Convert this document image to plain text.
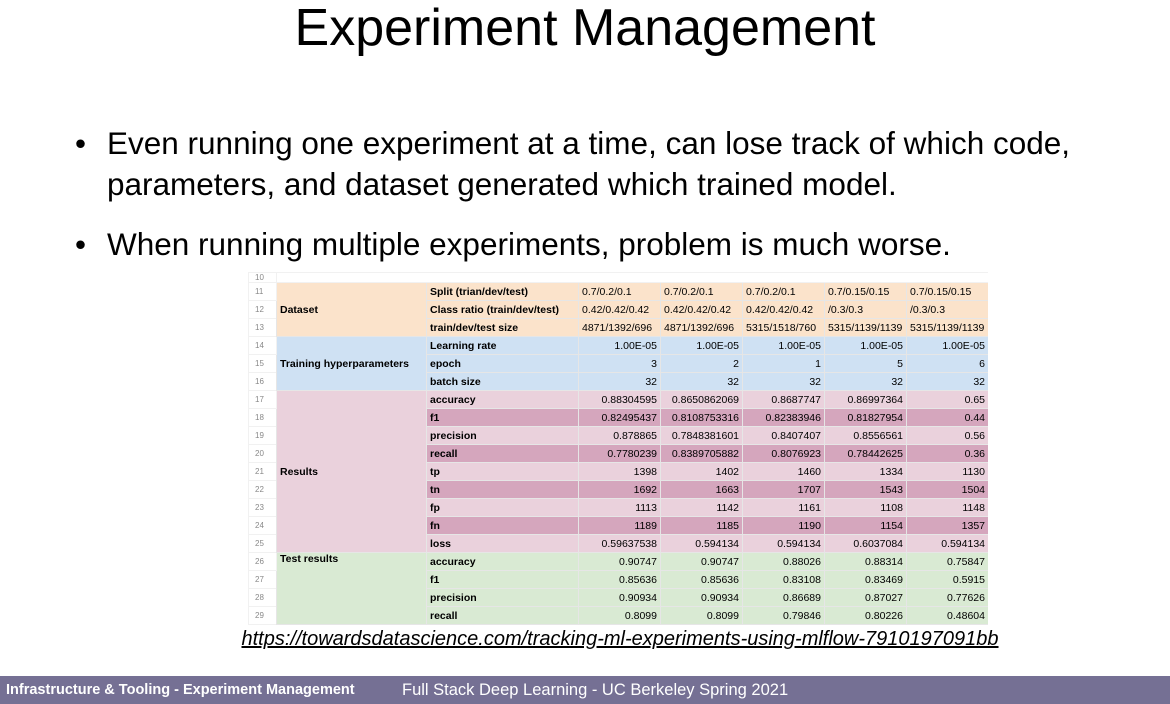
Experiment Management
• Even running one experiment at a time, can lose track of which code, parameters, and dataset generated which trained model.
• When running multiple experiments, problem is much worse.
10							
11	Dataset	Split (trian/dev/test)	0.7/0.2/0.1	0.7/0.2/0.1	0.7/0.2/0.1	0.7/0.15/0.15	0.7/0.15/0.15
12		Class ratio (train/dev/test)	0.42/0.42/0.42	0.42/0.42/0.42	0.42/0.42/0.42	/0.3/0.3	/0.3/0.3
13		train/dev/test size	4871/1392/696	4871/1392/696	5315/1518/760	5315/1139/1139	5315/1139/1139
14	Training hyperparameters	Learning rate	1.00E-05	1.00E-05	1.00E-05	1.00E-05	1.00E-05
15		epoch	3	2	1	5	6
16		batch size	32	32	32	32	32
17	Results	accuracy	0.88304595	0.8650862069	0.8687747	0.86997364	0.65
18		f1	0.82495437	0.8108753316	0.82383946	0.81827954	0.44
19		precision	0.878865	0.7848381601	0.8407407	0.8556561	0.56
20		recall	0.7780239	0.8389705882	0.8076923	0.78442625	0.36
21		tp	1398	1402	1460	1334	1130
22		tn	1692	1663	1707	1543	1504
23		fp	1113	1142	1161	1108	1148
24		fn	1189	1185	1190	1154	1357
25		loss	0.59637538	0.594134	0.594134	0.6037084	0.594134
26	Test results	accuracy	0.90747	0.90747	0.88026	0.88314	0.75847
27		f1	0.85636	0.85636	0.83108	0.83469	0.5915
28		precision	0.90934	0.90934	0.86689	0.87027	0.77626
29		recall	0.8099	0.8099	0.79846	0.80226	0.48604

https://towardsdatascience.com/tracking-ml-experiments-using-mlflow-7910197091bb
Infrastructure & Tooling - Experiment Management	Full Stack Deep Learning - UC Berkeley Spring 2021
